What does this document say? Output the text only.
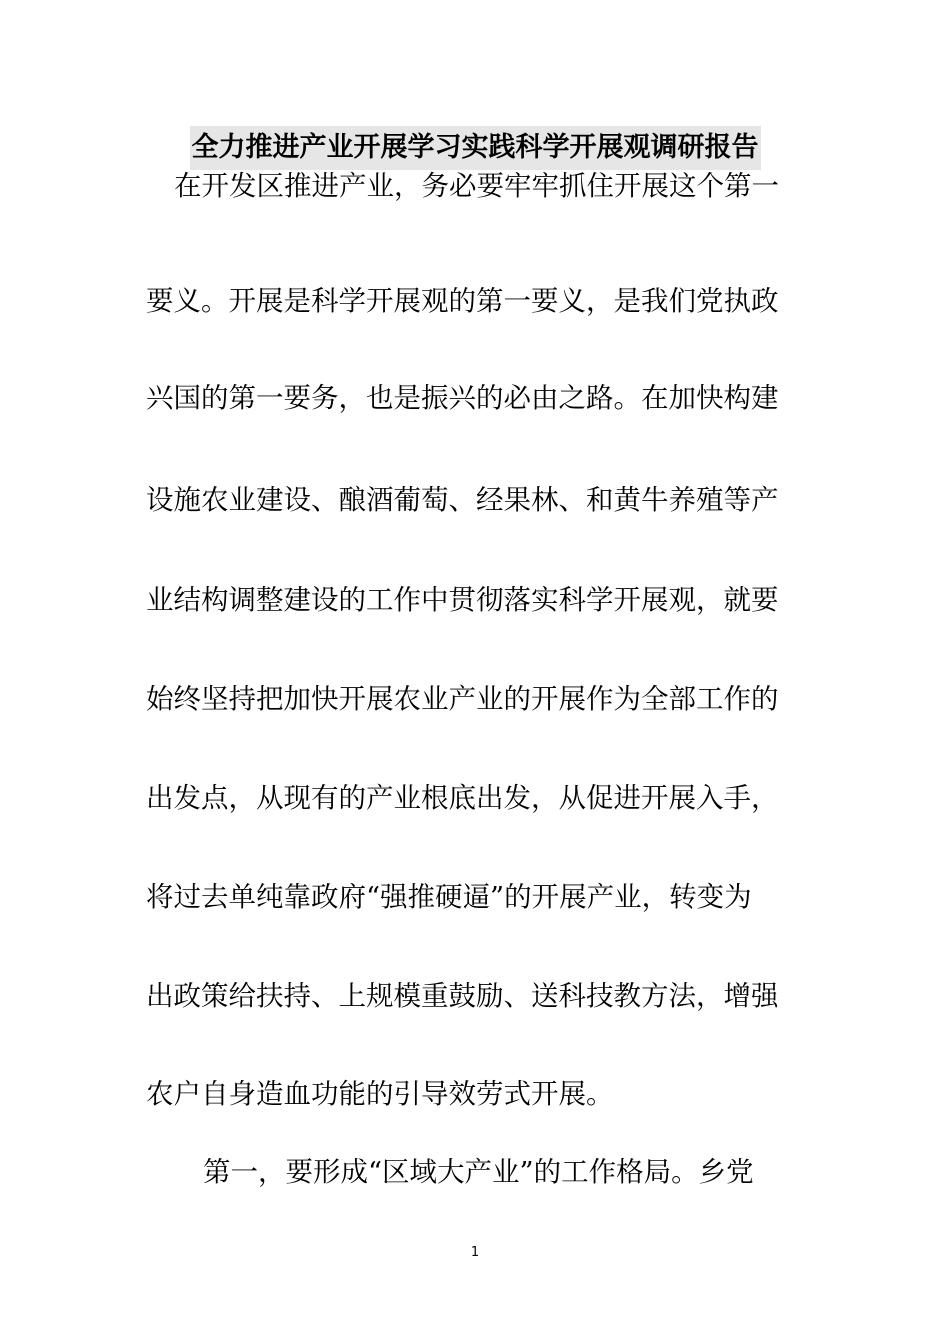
全力推进产业开展学习实践科学开展观调研报告
在开发区推进产业，务必要牢牢抓住开展这个第一
要义。开展是科学开展观的第一要义，是我们党执政
兴国的第一要务，也是振兴的必由之路。在加快构建
设施农业建设、酿酒葡萄、经果林、和黄牛养殖等产
业结构调整建设的工作中贯彻落实科学开展观，就要
始终坚持把加快开展农业产业的开展作为全部工作的
出发点，从现有的产业根底出发，从促进开展入手，
将过去单纯靠政府“强推硬逼”的开展产业，转变为
出政策给扶持、上规模重鼓励、送科技教方法，增强
农户自身造血功能的引导效劳式开展。
第一，要形成“区域大产业”的工作格局。乡党
1
